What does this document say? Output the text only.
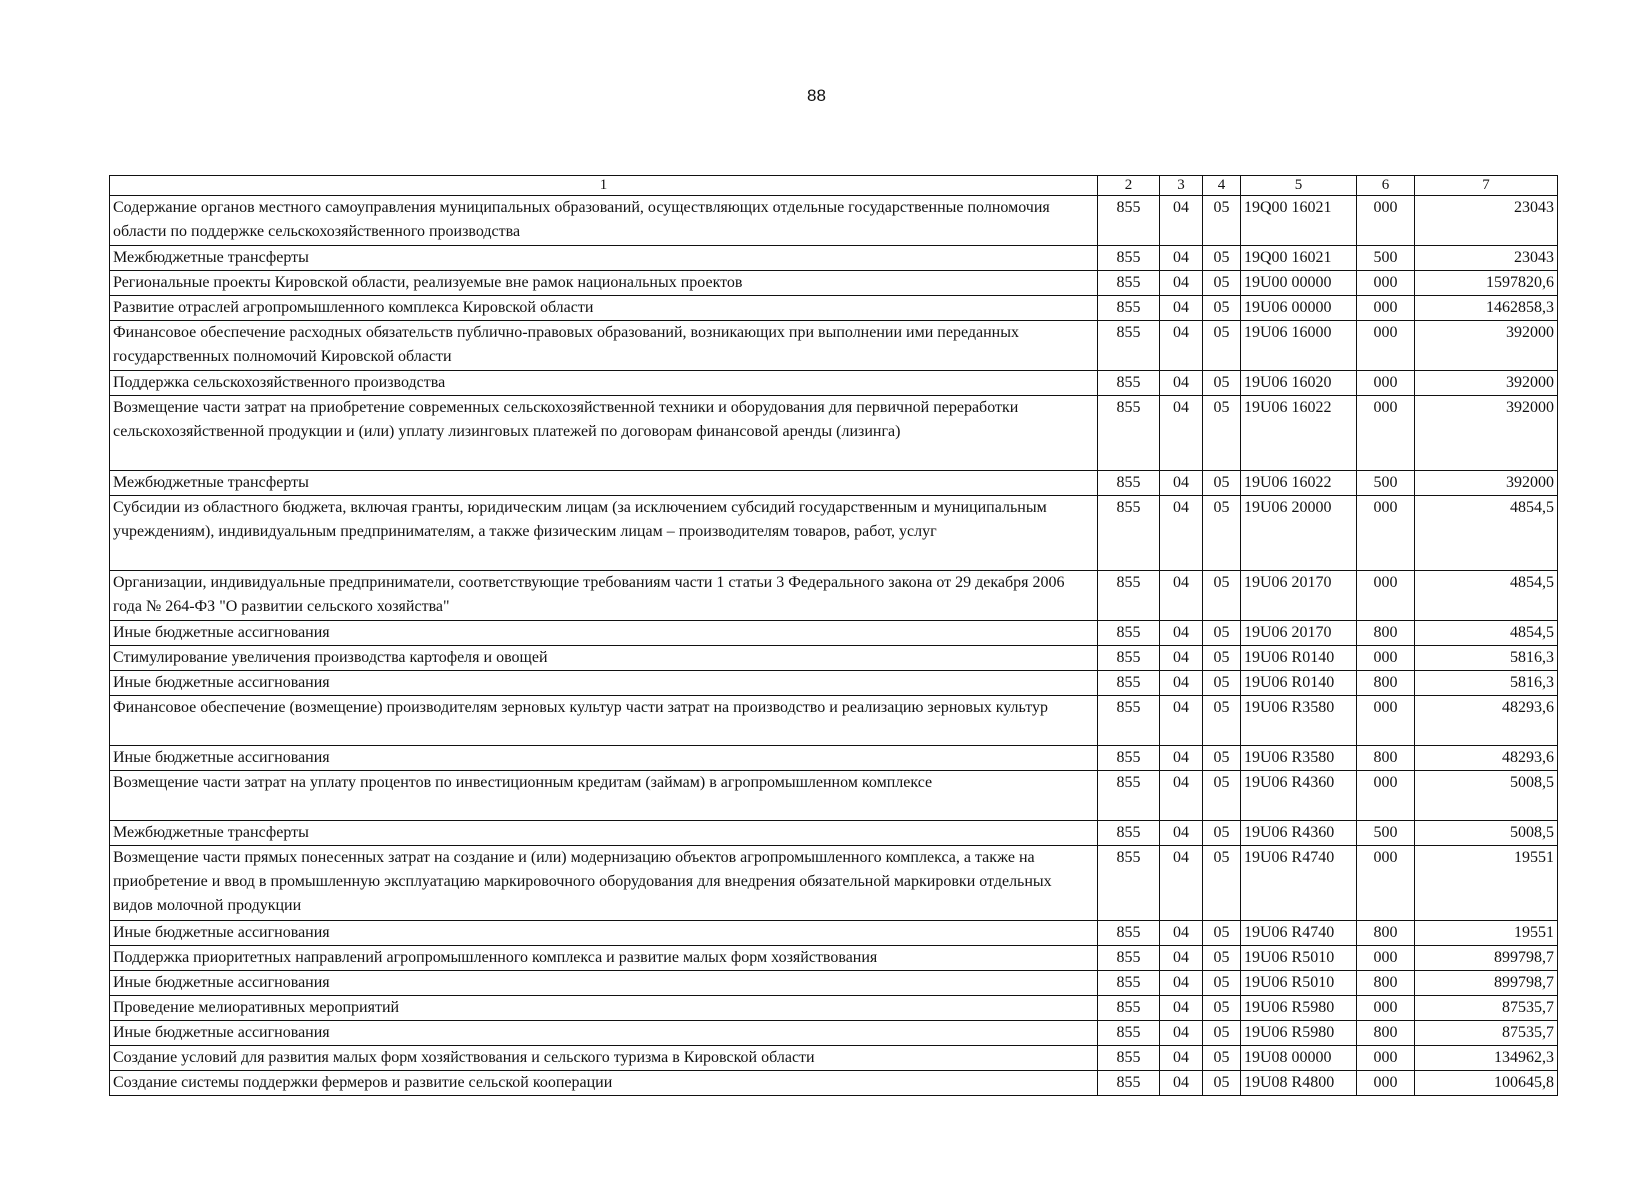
88
1	2	3	4	5	6	7
Содержание органов местного самоуправления муниципальных образований, осуществляющих отдельные государственные полномочия области по поддержке сельскохозяйственного производства	855	04	05	19Q00 16021	000	23043
Межбюджетные трансферты	855	04	05	19Q00 16021	500	23043
Региональные проекты Кировской области, реализуемые вне рамок национальных проектов	855	04	05	19U00 00000	000	1597820,6
Развитие отраслей агропромышленного комплекса Кировской области	855	04	05	19U06 00000	000	1462858,3
Финансовое обеспечение расходных обязательств публично-правовых образований, возникающих при выполнении ими переданных государственных полномочий Кировской области	855	04	05	19U06 16000	000	392000
Поддержка сельскохозяйственного производства	855	04	05	19U06 16020	000	392000
Возмещение части затрат на приобретение современных сельскохозяйственной техники и оборудования для первичной переработки сельскохозяйственной продукции и (или) уплату лизинговых платежей по договорам финансовой аренды (лизинга)	855	04	05	19U06 16022	000	392000
Межбюджетные трансферты	855	04	05	19U06 16022	500	392000
Субсидии из областного бюджета, включая гранты, юридическим лицам (за исключением субсидий государственным и муниципальным учреждениям), индивидуальным предпринимателям, а также физическим лицам – производителям товаров, работ, услуг	855	04	05	19U06 20000	000	4854,5
Организации, индивидуальные предприниматели, соответствующие требованиям части 1 статьи 3 Федерального закона от 29 декабря 2006 года № 264-ФЗ "О развитии сельского хозяйства"	855	04	05	19U06 20170	000	4854,5
Иные бюджетные ассигнования	855	04	05	19U06 20170	800	4854,5
Стимулирование увеличения производства картофеля и овощей	855	04	05	19U06 R0140	000	5816,3
Иные бюджетные ассигнования	855	04	05	19U06 R0140	800	5816,3
Финансовое обеспечение (возмещение) производителям зерновых культур части затрат на производство и реализацию зерновых культур	855	04	05	19U06 R3580	000	48293,6
Иные бюджетные ассигнования	855	04	05	19U06 R3580	800	48293,6
Возмещение части затрат на уплату процентов по инвестиционным кредитам (займам) в агропромышленном комплексе	855	04	05	19U06 R4360	000	5008,5
Межбюджетные трансферты	855	04	05	19U06 R4360	500	5008,5
Возмещение части прямых понесенных затрат на создание и (или) модернизацию объектов агропромышленного комплекса, а также на приобретение и ввод в промышленную эксплуатацию маркировочного оборудования для внедрения обязательной маркировки отдельных видов молочной продукции	855	04	05	19U06 R4740	000	19551
Иные бюджетные ассигнования	855	04	05	19U06 R4740	800	19551
Поддержка приоритетных направлений агропромышленного комплекса и развитие малых форм хозяйствования	855	04	05	19U06 R5010	000	899798,7
Иные бюджетные ассигнования	855	04	05	19U06 R5010	800	899798,7
Проведение мелиоративных мероприятий	855	04	05	19U06 R5980	000	87535,7
Иные бюджетные ассигнования	855	04	05	19U06 R5980	800	87535,7
Создание условий для развития малых форм хозяйствования и сельского туризма в Кировской области	855	04	05	19U08 00000	000	134962,3
Создание системы поддержки фермеров и развитие сельской кооперации	855	04	05	19U08 R4800	000	100645,8
